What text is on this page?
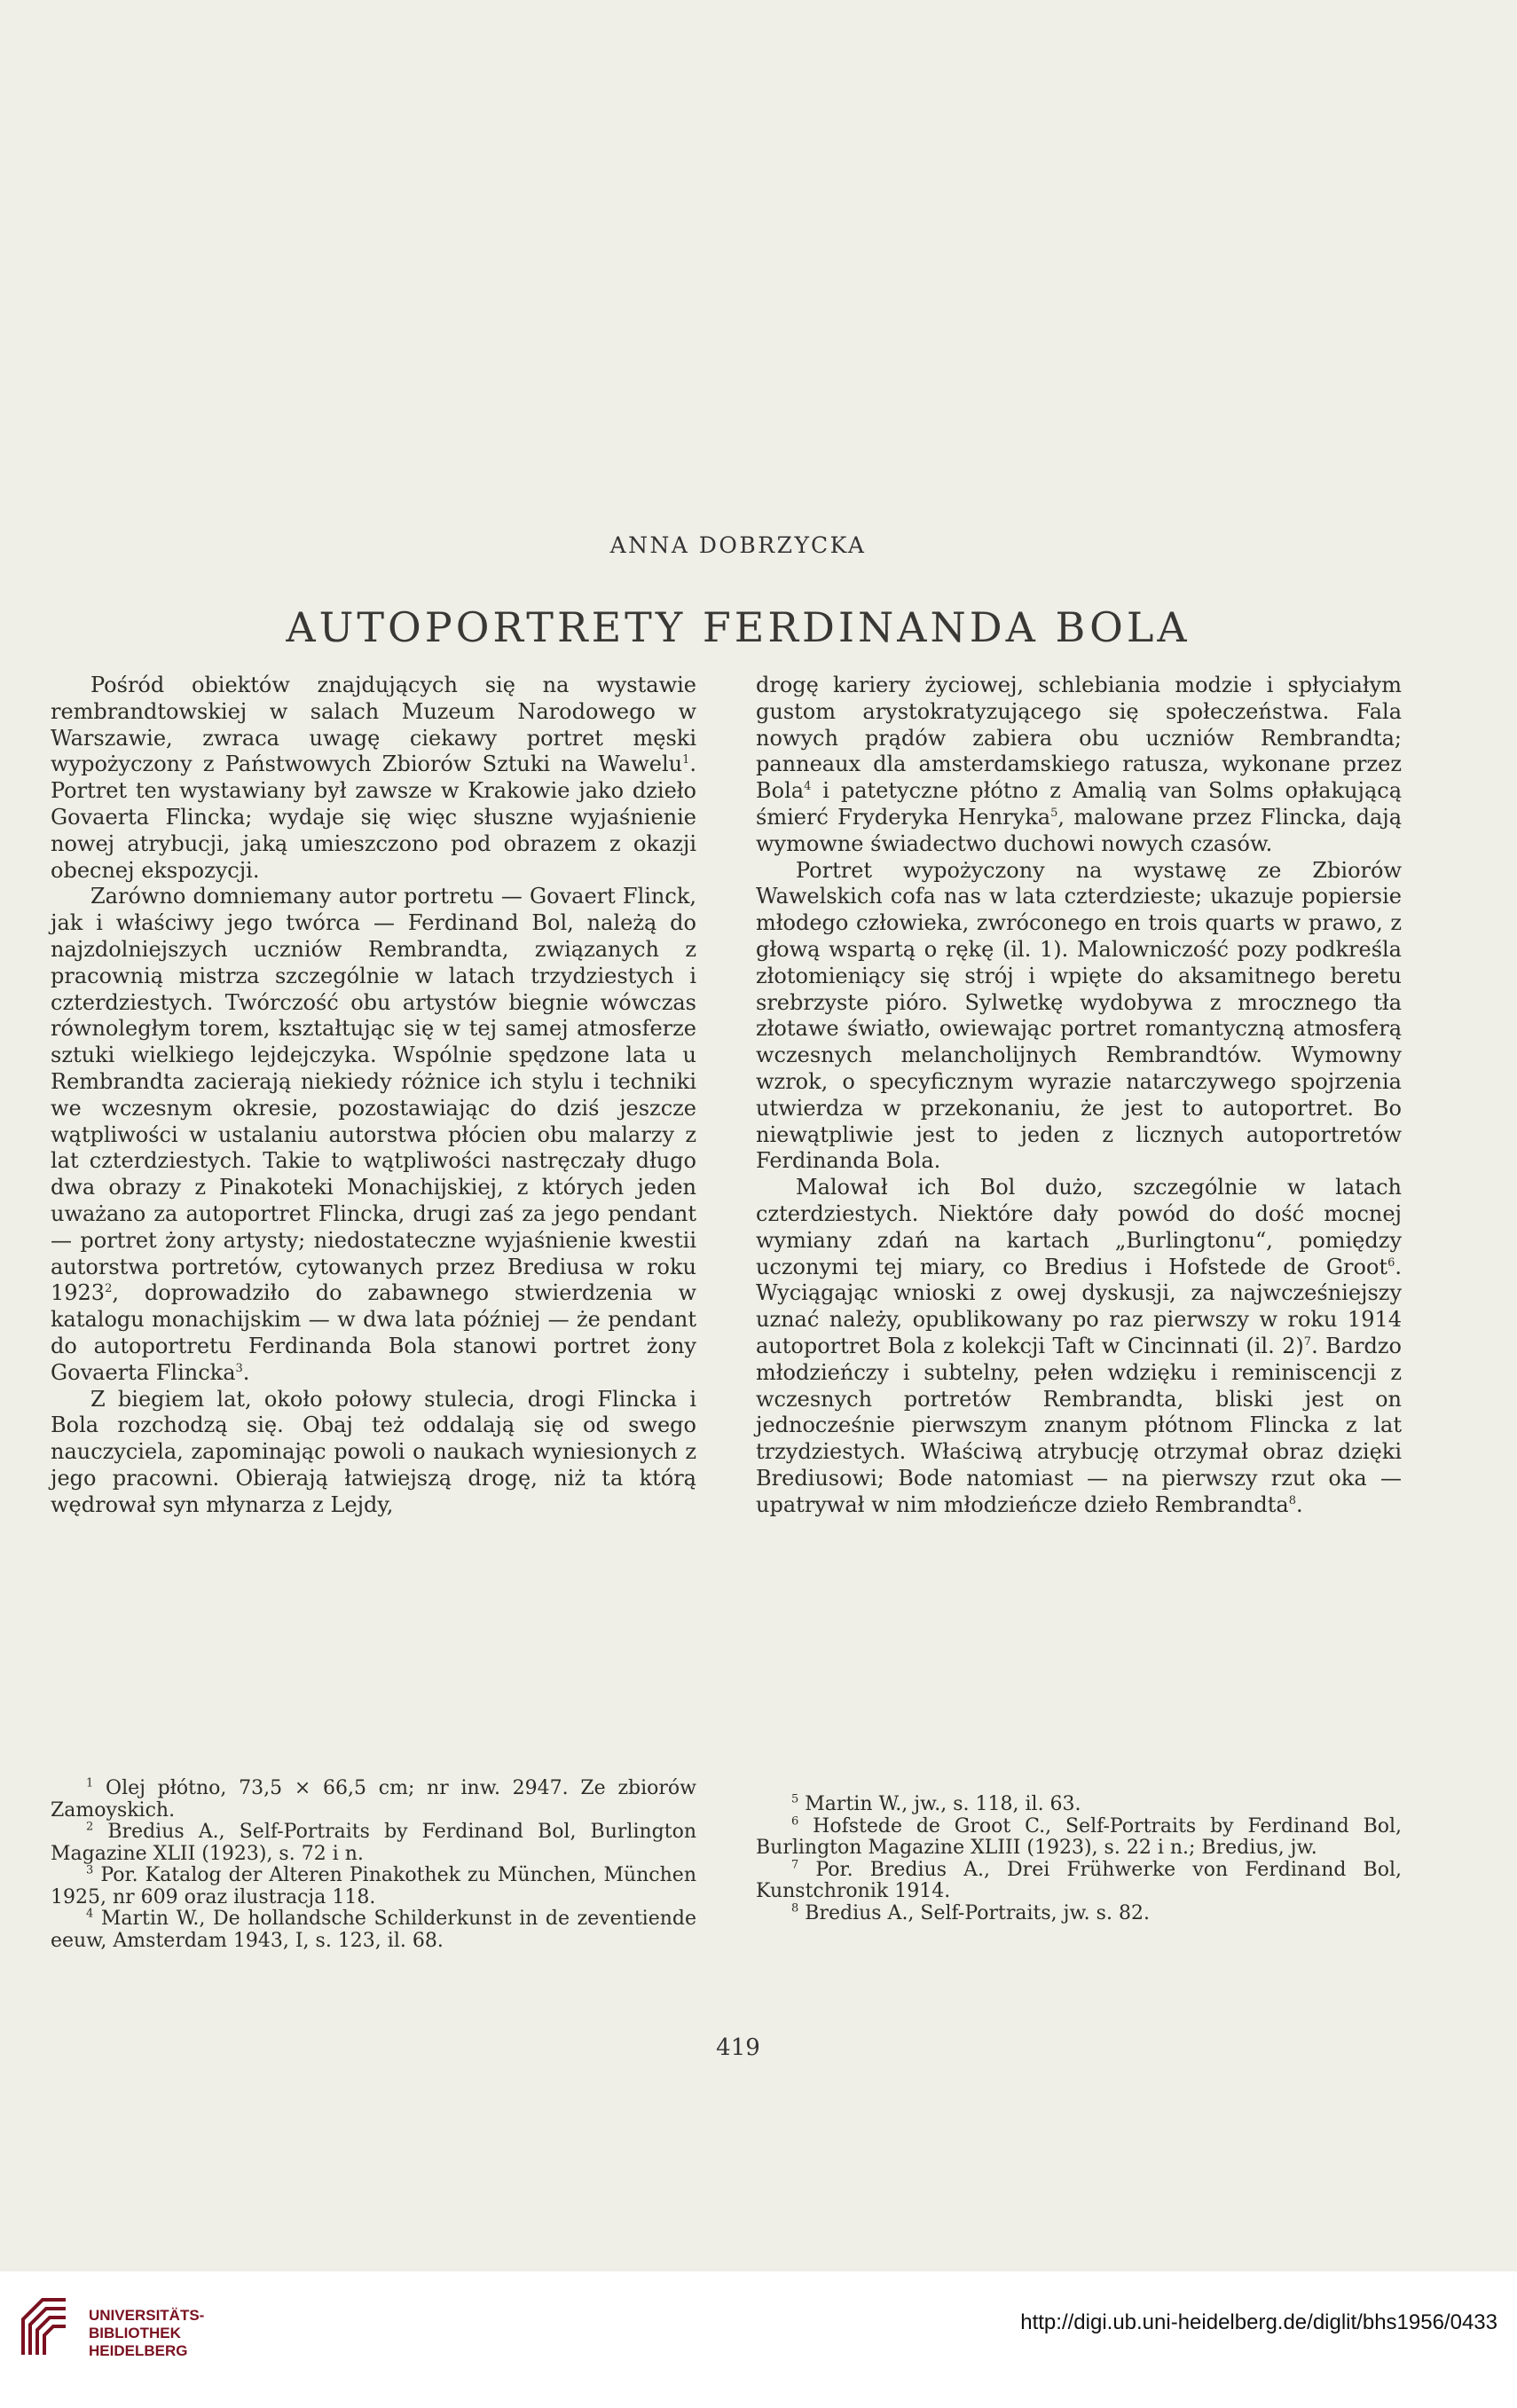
ANNA DOBRZYCKA
AUTOPORTRETY FERDINANDA BOLA

Pośród obiektów znajdujących się na wystawie rembrandtowskiej w salach Muzeum Narodowego w Warszawie, zwraca uwagę ciekawy portret męski wypożyczony z Państwowych Zbiorów Sztuki na Wawelu$^1$. Portret ten wystawiany był zawsze w Krakowie jako dzieło Govaerta Flincka; wydaje się więc słuszne wyjaśnienie nowej atrybucji, jaką umieszczono pod obrazem z okazji obecnej ekspozycji.

Zarówno domniemany autor portretu — Govaert Flinck, jak i właściwy jego twórca — Ferdinand Bol, należą do najzdolniejszych uczniów Rembrandta, związanych z pracownią mistrza szczególnie w latach trzydziestych i czterdziestych. Twórczość obu artystów biegnie wówczas równoległym torem, kształtując się w tej samej atmosferze sztuki wielkiego lejdejczyka. Wspólnie spędzone lata u Rembrandta zacierają niekiedy różnice ich stylu i techniki we wczesnym okresie, pozostawiając do dziś jeszcze wątpliwości w ustalaniu autorstwa płócien obu malarzy z lat czterdziestych. Takie to wątpliwości nastręczały długo dwa obrazy z Pinakoteki Monachijskiej, z których jeden uważano za autoportret Flincka, drugi zaś za jego pendant — portret żony artysty; niedostateczne wyjaśnienie kwestii autorstwa portretów, cytowanych przez Brediusa w roku 1923$^2$, doprowadziło do zabawnego stwierdzenia w katalogu monachijskim — w dwa lata później — że pendant do autoportretu Ferdinanda Bola stanowi portret żony Govaerta Flincka$^3$.

Z biegiem lat, około połowy stulecia, drogi Flincka i Bola rozchodzą się. Obaj też oddalają się od swego nauczyciela, zapominając powoli o naukach wyniesionych z jego pracowni. Obierają łatwiejszą drogę, niż ta którą wędrował syn młynarza z Lejdy,

drogę kariery życiowej, schlebiania modzie i spłyciałym gustom arystokratyzującego się społeczeństwa. Fala nowych prądów zabiera obu uczniów Rembrandta; panneaux dla amsterdamskiego ratusza, wykonane przez Bola$^4$ i patetyczne płótno z Amalią van Solms opłakującą śmierć Fryderyka Henryka$^5$, malowane przez Flincka, dają wymowne świadectwo duchowi nowych czasów.

Portret wypożyczony na wystawę ze Zbiorów Wawelskich cofa nas w lata czterdzieste; ukazuje popiersie młodego człowieka, zwróconego en trois quarts w prawo, z głową wspartą o rękę (il. 1). Malowniczość pozy podkreśla złotomieniący się strój i wpięte do aksamitnego beretu srebrzyste pióro. Sylwetkę wydobywa z mrocznego tła złotawe światło, owiewając portret romantyczną atmosferą wczesnych melancholijnych Rembrandtów. Wymowny wzrok, o specyficznym wyrazie natarczywego spojrzenia utwierdza w przekonaniu, że jest to autoportret. Bo niewątpliwie jest to jeden z licznych autoportretów Ferdinanda Bola.

Malował ich Bol dużo, szczególnie w latach czterdziestych. Niektóre dały powód do dość mocnej wymiany zdań na kartach „Burlingtonu“, pomiędzy uczonymi tej miary, co Bredius i Hofstede de Groot$^6$. Wyciągając wnioski z owej dyskusji, za najwcześniejszy uznać należy, opublikowany po raz pierwszy w roku 1914 autoportret Bola z kolekcji Taft w Cincinnati (il. 2)$^7$. Bardzo młodzieńczy i subtelny, pełen wdzięku i reminiscencji z wczesnych portretów Rembrandta, bliski jest on jednocześnie pierwszym znanym płótnom Flincka z lat trzydziestych. Właściwą atrybucję otrzymał obraz dzięki Brediusowi; Bode natomiast — na pierwszy rzut oka — upatrywał w nim młodzieńcze dzieło Rembrandta$^8$.

$^1$ Olej płótno, 73,5 × 66,5 cm; nr inw. 2947. Ze zbiorów Zamoyskich.

$^2$ Bredius A., Self-Portraits by Ferdinand Bol, Burlington Magazine XLII (1923), s. 72 i n.

$^3$ Por. Katalog der Alteren Pinakothek zu München, München 1925, nr 609 oraz ilustracja 118.

$^4$ Martin W., De hollandsche Schilderkunst in de zeventiende eeuw, Amsterdam 1943, I, s. 123, il. 68.

$^5$ Martin W., jw., s. 118, il. 63.

$^6$ Hofstede de Groot C., Self-Portraits by Ferdinand Bol, Burlington Magazine XLIII (1923), s. 22 i n.; Bredius, jw.

$^7$ Por. Bredius A., Drei Frühwerke von Ferdinand Bol, Kunstchronik 1914.

$^8$ Bredius A., Self-Portraits, jw. s. 82.

419
UNIVERSITÄTS-
BIBLIOTHEK
HEIDELBERG
http://digi.ub.uni-heidelberg.de/diglit/bhs1956/0433
